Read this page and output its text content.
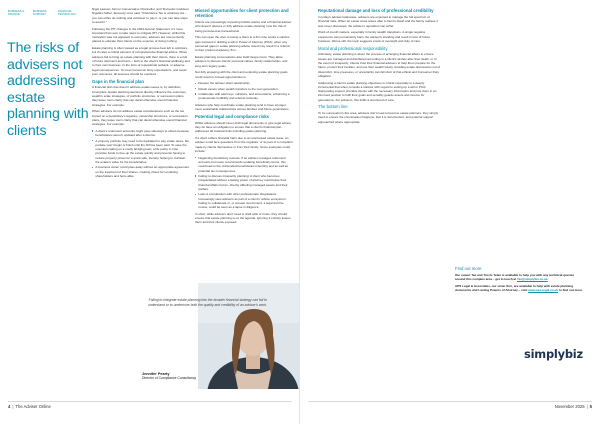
BUSINESS & FINANCEBUSINESS SUPPORTFINANCIAL TECHNOLOGY
The risks of advisers not addressing estate planning with clients

Nigel Lawson, former Conservative Chancellor, and 'Domestic Goddess' Nigella's father, famously once said: "Inheritance Tax is voluntary tax – you can either do nothing and volunteer to pay it, or you can take steps to avoid it."

Following the IHT changes in the 2024 Autumn Statement, it's more important than ever to take steps to mitigate IHT. However, whilst this motivation was not apparent to everyone, advisers are now perfectly placed to educate their clients on the expense of doing nothing.

Estate planning is often viewed as a legal process best left to solicitors, but it's also a critical element of comprehensive financial advice. When advisers fail to bring up estate planning with their clients, there is a risk of future detriment and harm – both to the client's financial wellbeing and to their own business. In the form of reputational setback, or adverse legal consequences. To meet Consumer Duty expectations, and avoid poor outcomes, all avenues should be explored.

Gaps in the financial plan

A financial plan that doesn't address estate issues is, by definition, incomplete. Estate planning decisions directly influence the outcomes, wealth's scale strategies, of portfolio structures, or succession plans, they leave room clarity that can derail otherwise sound financial strategies. For example:

When advisers do not address estate considerations such as the tax impact on a beneficiary's legacies, ownership structures, or succession plans, they leave room clarity that can derail otherwise sound financial strategies. For example:

A client's retirement accounts might pass sideways to others because beneficiaries weren't updated after a divorce.
A property portfolio may need to be liquidated to pay estate taxes, but probate won't begin or finish until the bill has been paid. To save the executors taking on a costly bridging loan, a life policy in trust provides funds to free-up the estate quickly and prevents having to reduce property prices for a quick sale, thereby helping to maintain the estate's value for the beneficiaries.
A business owner could pass away without an appropriate agreement on the treatment of their shares, creating chaos for remaining shareholders and heirs alike.
Missed opportunities for client protection and retention

Clients are increasingly expecting holistic advice and a financial adviser who doesn't discuss or fully address estate planning runs the risk of being perceived as transactional.

This can open the door to losing a client to a firm who works a solicitor gets involved in drafting a will or Power of Attorney (POA), when any perceived gaps in estate planning advice noted may result in a referral to their preferred advisory firm.

Estate planning conversations also build deeper trust. They allow advisers to discuss clients' personal values, family relationships, and long-term legacy goals.

Not fully engaging with the client and exploring estate planning goals could result in missed opportunities to:

Deepen the adviser-client relationship.
Retain assets when wealth transfers to the next generation.
Collaborate with attorneys, solicitors, and accountants, enhancing a professional credibility and referral networks.

Advisers who help coordinate estate planning tend to have stronger, more sustainable relationships across families and future generations.

Potential legal and compliance risks

Whilst advisers should never draft legal documents or give legal advice, they do have an obligation to ensure that a client's financial plan addresses all material risks including estate planning.

If a client suffers financial harm due to an overlooked estate issue, an adviser could face questions from the regulator, or as part of a complaint made by clients themselves or from their family. Some examples could include:

Neglecting beneficiary reviews: If an adviser manages retirement accounts but never recommends updating beneficiary forms, this could lead to the unintended beneficiaries inheriting and as well as potential tax consequences.
Failing to discuss incapacity planning: A client who becomes incapacitated without a lasting power of attorney could leave their financial affairs frozen, directly affecting managed assets and their welfare.
Lack of coordination with other professionals: Regulations increasingly view advisers as part of a client's 'advice ecosystem'. Failing to collaborate or, or at least recommend, a legal and fire review, could be seen as a lapse in diligence.

In short, while advisers don't need to draft wills or trusts, they should ensure that estate planning is on the agenda. Ignoring it entirely leaves them and their clients exposed.

Failing to integrate estate planning into the broader financial strategy can fail to understand or to undermine both the quality and credibility of an adviser's work.
Jennifer Pearty
Director of Compliance Consultancy
4 | The Adviser Online	November 2025 | 5
Reputational damage and loss of professional credibility

In today's adviser landscape, advisers are expected to manage the full spectrum of financial risks. When an estate issue arises after a client's death and the family realises it was never discussed, the adviser's reputation can suffer.

Word-of-mouth matters, especially in family wealth transitions. A single negative experience can permanently harm the adviser's standing and result in loss of future business. Worse still, the topic suggests a lack of oversight and duty of care.

Moral and professional responsibility

Ultimately, estate planning is about the process of arranging financial affairs to ensure assets are managed and distributed according to a client's wishes after their death, or in the event of incapacity. Clients trust their financial advisers to help them prepare for the future, protect their families, and use their wealth wisely. Avoiding estate discussions out of discomfort, time pressures, or uncertainty can fall short of that ethical and Consumer Duty obligation.

Addressing a client's estate planning objectives is critical especially to a deeply incremental that when consults a solicitor with regard to setting up a will or POA. Signposting support provides clients with the necessary information and puts them in an informed position to fulfil their goals and sensibly guards assets and income for generations. For advisers, this fulfils a structured of care.

The bottom line

To be successful in this area, advisers don't need to become estate planners, they simply need to ensure the conversation happens, that it is documented, and external support approached where appropriate.

Find out more

Our expert Tax and Trusts Team is available to help you with any technical queries around this complex area – get in touch at Tax@simplybiz.co.uk

APS Legal & Associates, our sister firm, are available to help with estate planning documents and Lasting Powers of Attorney – visit www.aps-legal.co.uk to find out more.

simplybiz
